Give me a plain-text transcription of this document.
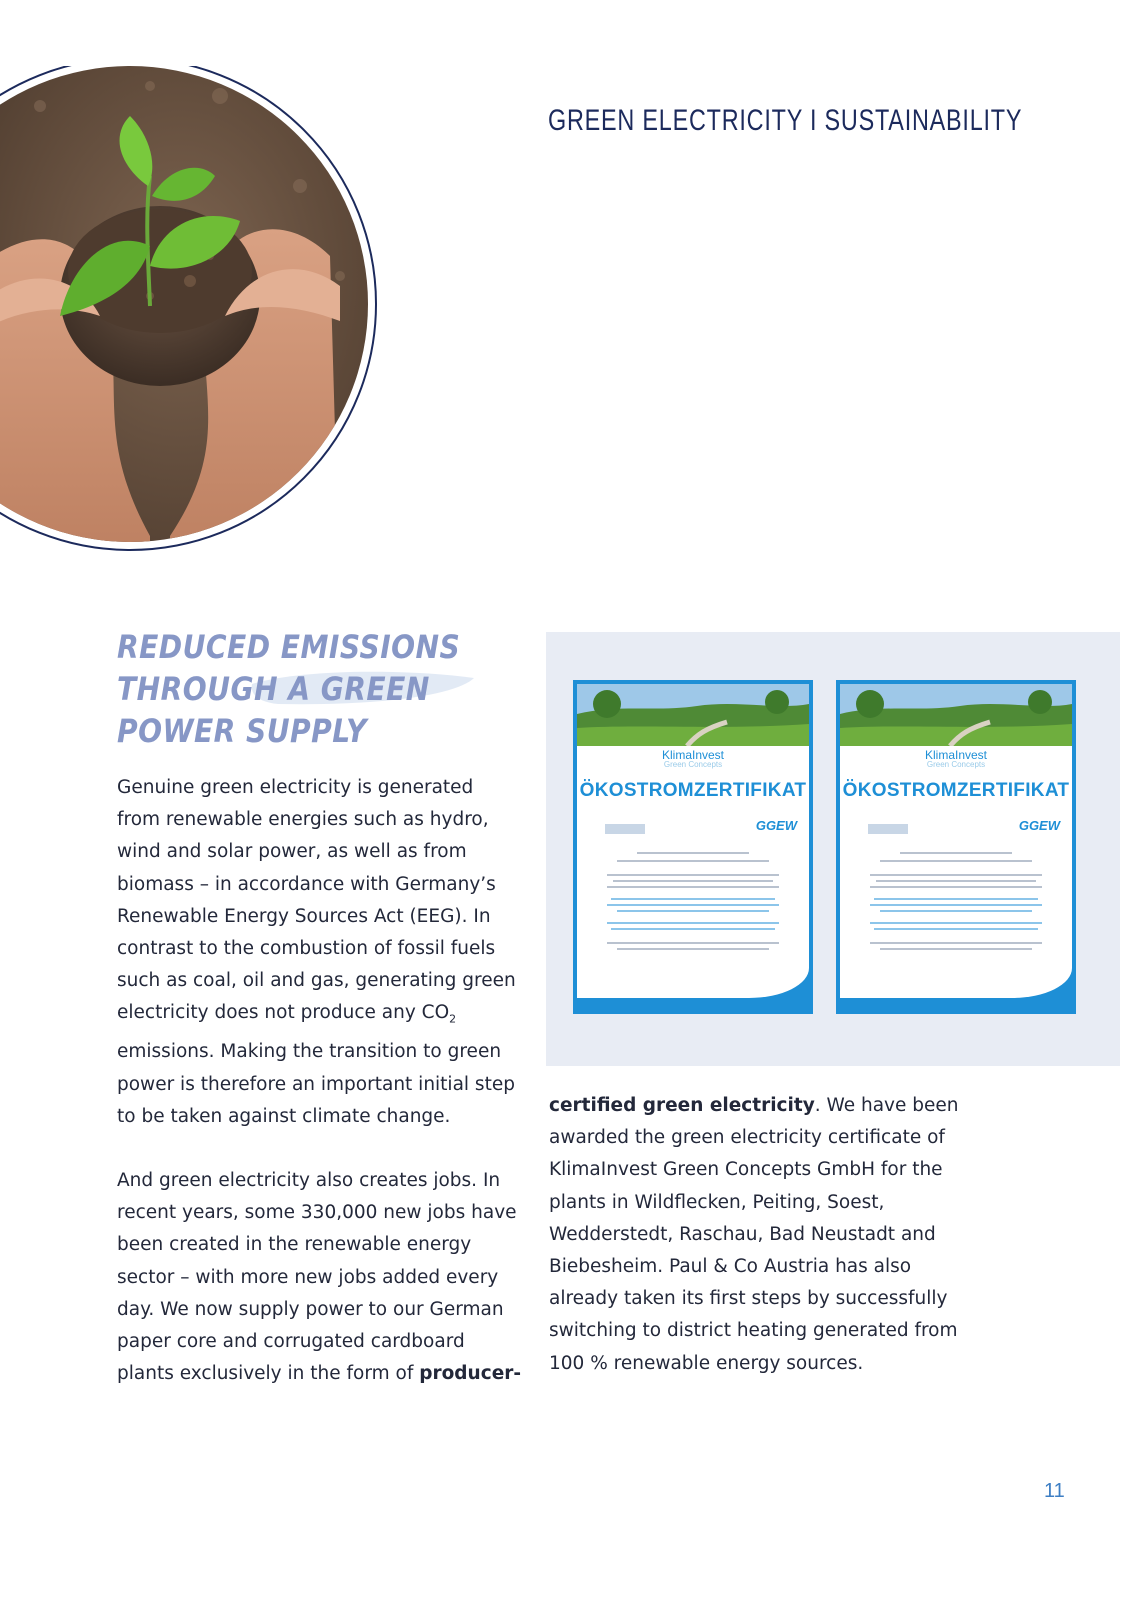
GREEN ELECTRICITY I SUSTAINABILITY
REDUCED EMISSIONS
THROUGH A GREEN
POWER SUPPLY

Genuine green electricity is generated from renewable energies such as hydro, wind and solar power, as well as from biomass – in accordance with Germany’s Renewable Energy Sources Act (EEG). In contrast to the combustion of fossil fuels such as coal, oil and gas, generating green electricity does not produce any $CO_2$ emissions. Making the transition to green power is therefore an important initial step to be taken against climate change.

And green electricity also creates jobs. In recent years, some 330,000 new jobs have been created in the renewable energy sector – with more new jobs added every day. We now supply power to our German paper core and corrugated cardboard plants exclusively in the form of producer-

certified green electricity. We have been awarded the green electricity certificate of KlimaInvest Green Concepts GmbH for the plants in Wildflecken, Peiting, Soest, Wedderstedt, Raschau, Bad Neustadt and Biebesheim. Paul & Co Austria has also already taken its first steps by successfully switching to district heating generated from 100 % renewable energy sources.

KlimaInvest
Green Concepts
ÖKOSTROMZERTIFIKAT
GGEW
KlimaInvest
Green Concepts
ÖKOSTROMZERTIFIKAT
GGEW
11
